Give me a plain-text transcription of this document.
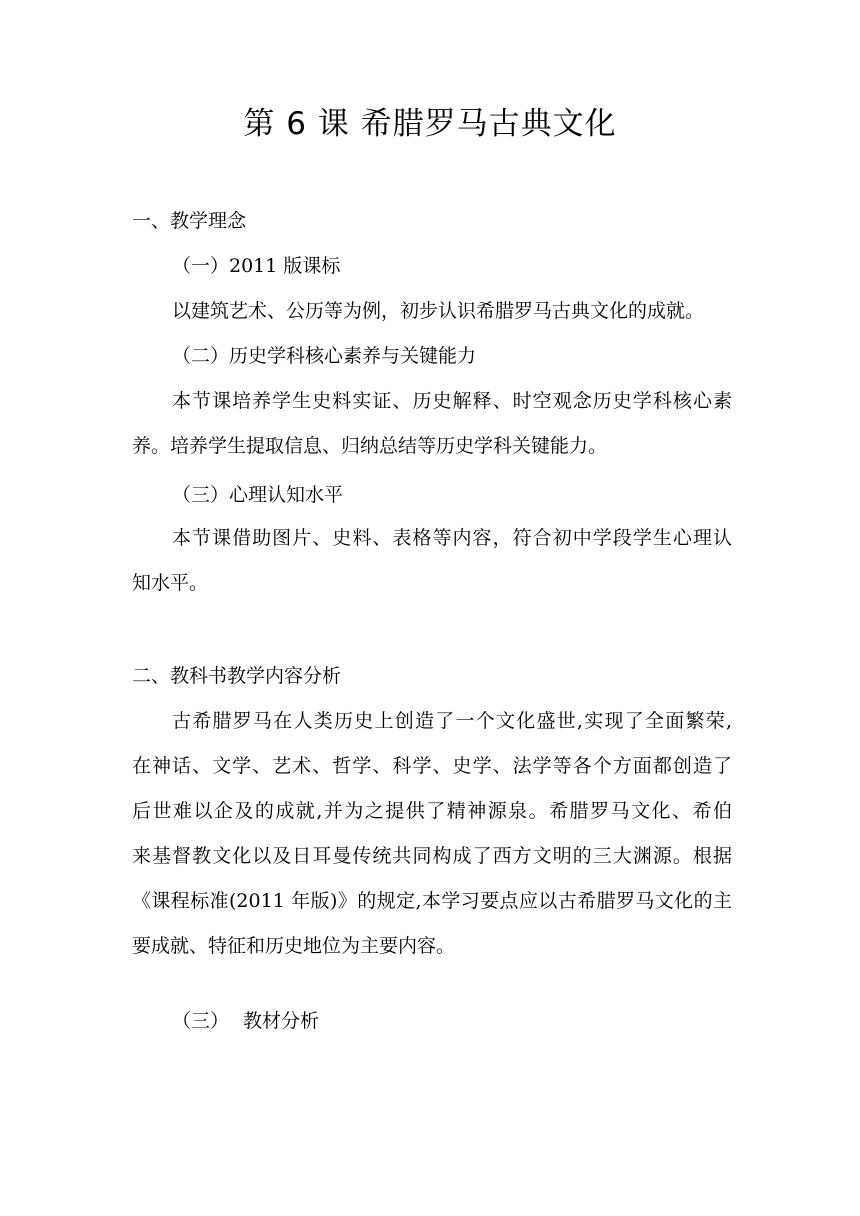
第 6 课 希腊罗马古典文化
一、教学理念
（一）2011 版课标
以建筑艺术、公历等为例，初步认识希腊罗马古典文化的成就。
（二）历史学科核心素养与关键能力
本节课培养学生史料实证、历史解释、时空观念历史学科核心素
养。培养学生提取信息、归纳总结等历史学科关键能力。
（三）心理认知水平
本节课借助图片、史料、表格等内容，符合初中学段学生心理认
知水平。
二、教科书教学内容分析
古希腊罗马在人类历史上创造了一个文化盛世,实现了全面繁荣,
在神话、文学、艺术、哲学、科学、史学、法学等各个方面都创造了
后世难以企及的成就,并为之提供了精神源泉。希腊罗马文化、希伯
来基督教文化以及日耳曼传统共同构成了西方文明的三大渊源。根据
《课程标准(2011 年版)》的规定,本学习要点应以古希腊罗马文化的主
要成就、特征和历史地位为主要内容。
（三） 教材分析
